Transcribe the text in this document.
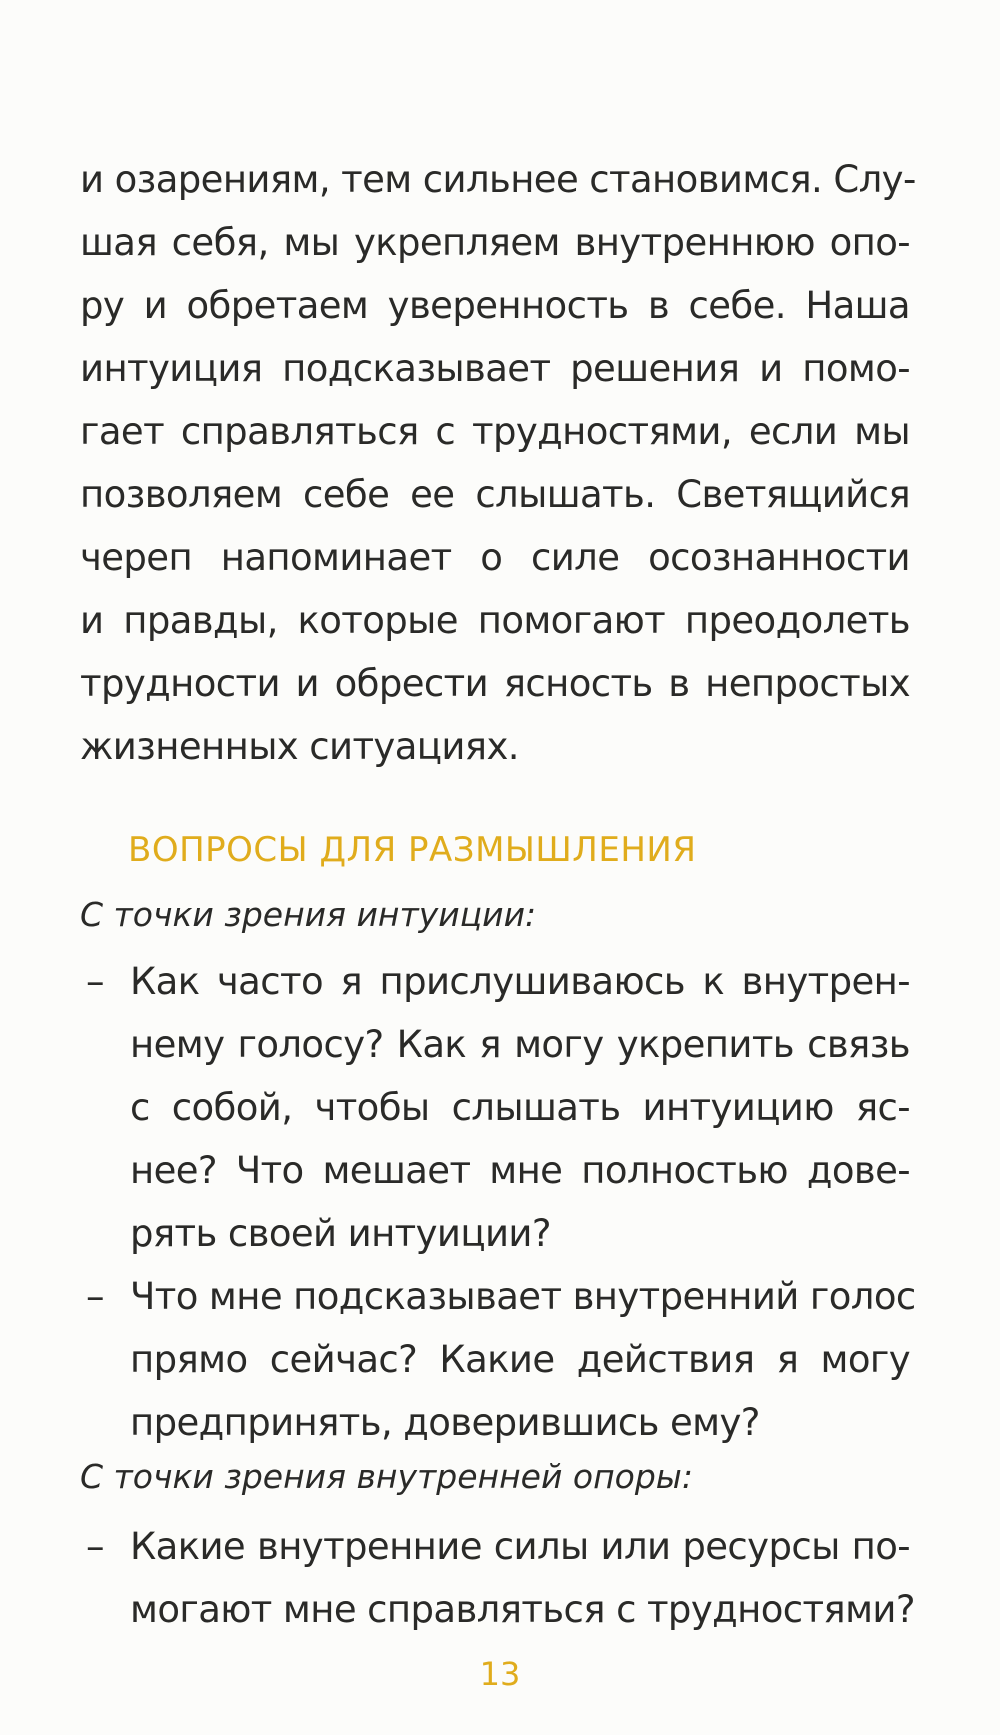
и озарениям, тем сильнее становимся. Слу-
шая себя, мы укрепляем внутреннюю опо-
ру и обретаем уверенность в себе. Наша
интуиция подсказывает решения и помо-
гает справляться с трудностями, если мы
позволяем себе ее слышать. Светящийся
череп напоминает о силе осознанности
и правды, которые помогают преодолеть
трудности и обрести ясность в непростых
жизненных ситуациях.
ВОПРОСЫ ДЛЯ РАЗМЫШЛЕНИЯ
С точки зрения интуиции:
– Как часто я прислушиваюсь к внутрен-
нему голосу? Как я могу укрепить связь
с собой, чтобы слышать интуицию яс-
нее? Что мешает мне полностью дове-
рять своей интуиции?
– Что мне подсказывает внутренний голос
прямо сейчас? Какие действия я могу
предпринять, доверившись ему?
С точки зрения внутренней опоры:
– Какие внутренние силы или ресурсы по-
могают мне справляться с трудностями?
13
